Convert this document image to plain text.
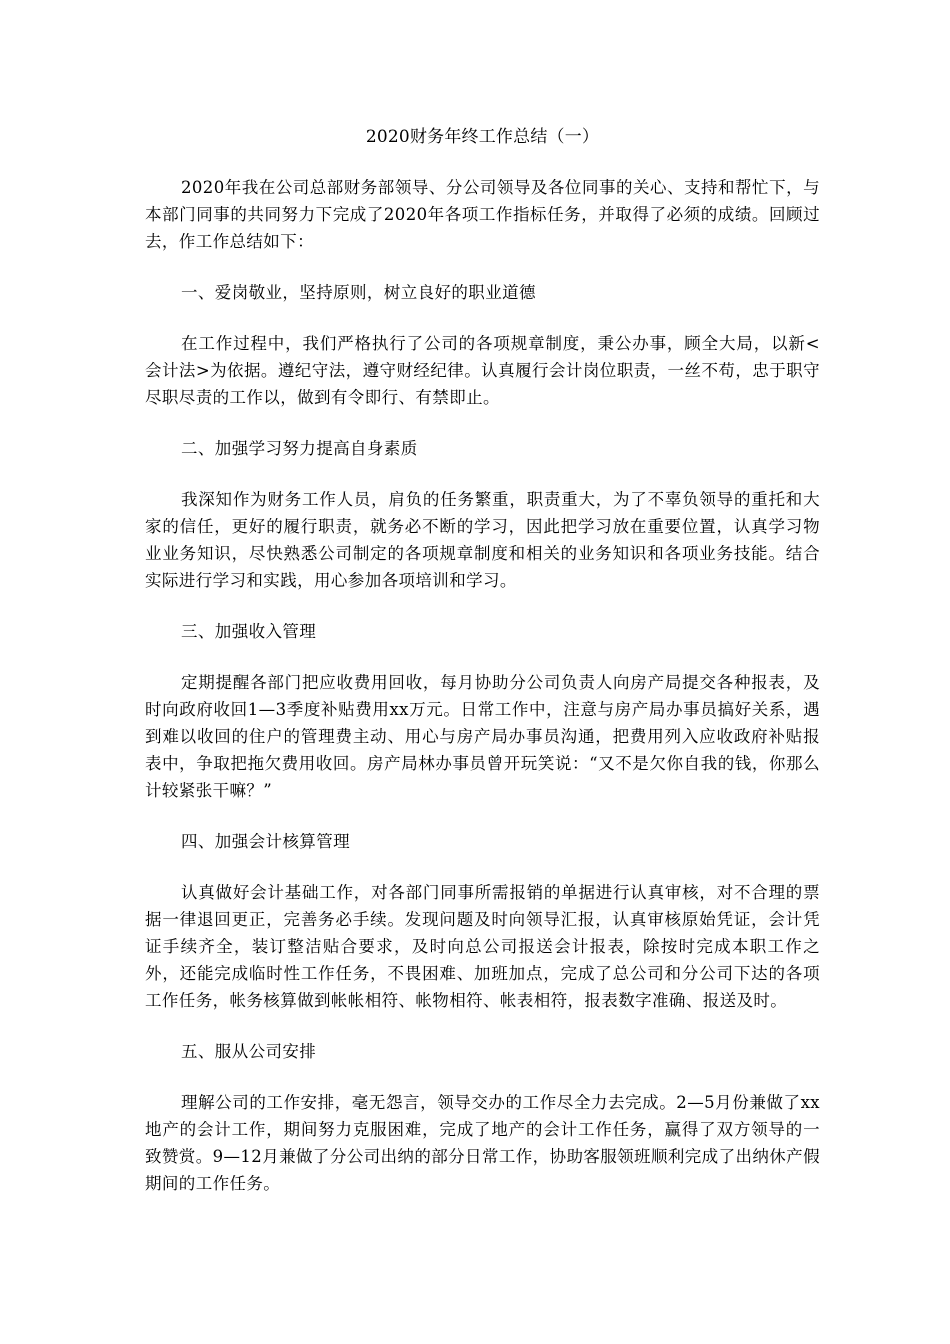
2020财务年终工作总结（一）

2020年我在公司总部财务部领导、分公司领导及各位同事的关心、支持和帮忙下，与本部门同事的共同努力下完成了2020年各项工作指标任务，并取得了必须的成绩。回顾过去，作工作总结如下：

一、爱岗敬业，坚持原则，树立良好的职业道德

在工作过程中，我们严格执行了公司的各项规章制度，秉公办事，顾全大局，以新<会计法>为依据。遵纪守法，遵守财经纪律。认真履行会计岗位职责，一丝不苟，忠于职守尽职尽责的工作以，做到有令即行、有禁即止。

二、加强学习努力提高自身素质

我深知作为财务工作人员，肩负的任务繁重，职责重大，为了不辜负领导的重托和大家的信任，更好的履行职责，就务必不断的学习，因此把学习放在重要位置，认真学习物业业务知识，尽快熟悉公司制定的各项规章制度和相关的业务知识和各项业务技能。结合实际进行学习和实践，用心参加各项培训和学习。

三、加强收入管理

定期提醒各部门把应收费用回收，每月协助分公司负责人向房产局提交各种报表，及时向政府收回1—3季度补贴费用xx万元。日常工作中，注意与房产局办事员搞好关系，遇到难以收回的住户的管理费主动、用心与房产局办事员沟通，把费用列入应收政府补贴报表中，争取把拖欠费用收回。房产局林办事员曾开玩笑说：“又不是欠你自我的钱，你那么计较紧张干嘛？”

四、加强会计核算管理

认真做好会计基础工作，对各部门同事所需报销的单据进行认真审核，对不合理的票据一律退回更正，完善务必手续。发现问题及时向领导汇报，认真审核原始凭证，会计凭证手续齐全，装订整洁贴合要求，及时向总公司报送会计报表，除按时完成本职工作之外，还能完成临时性工作任务，不畏困难、加班加点，完成了总公司和分公司下达的各项工作任务，帐务核算做到帐帐相符、帐物相符、帐表相符，报表数字准确、报送及时。

五、服从公司安排

理解公司的工作安排，毫无怨言，领导交办的工作尽全力去完成。2—5月份兼做了xx地产的会计工作，期间努力克服困难，完成了地产的会计工作任务，赢得了双方领导的一致赞赏。9—12月兼做了分公司出纳的部分日常工作，协助客服领班顺利完成了出纳休产假期间的工作任务。
